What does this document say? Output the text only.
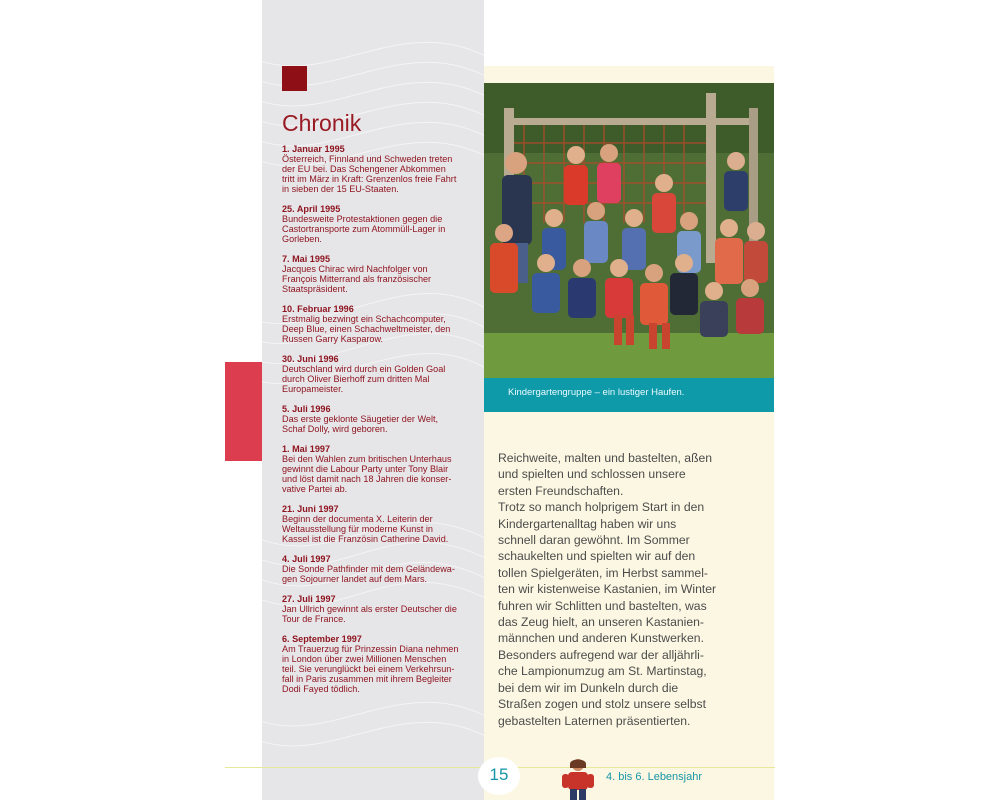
Chronik
1. Januar 1995
Österreich, Finnland und Schweden treten
der EU bei. Das Schengener Abkommen
tritt im März in Kraft: Grenzenlos freie Fahrt
in sieben der 15 EU-Staaten.
25. April 1995
Bundesweite Protestaktionen gegen die
Castortransporte zum Atommüll-Lager in
Gorleben.
7. Mai 1995
Jacques Chirac wird Nachfolger von
François Mitterrand als französischer
Staatspräsident.
10. Februar 1996
Erstmalig bezwingt ein Schachcomputer,
Deep Blue, einen Schachweltmeister, den
Russen Garry Kasparow.
30. Juni 1996
Deutschland wird durch ein Golden Goal
durch Oliver Bierhoff zum dritten Mal
Europameister.
5. Juli 1996
Das erste geklonte Säugetier der Welt,
Schaf Dolly, wird geboren.
1. Mai 1997
Bei den Wahlen zum britischen Unterhaus
gewinnt die Labour Party unter Tony Blair
und löst damit nach 18 Jahren die konser-
vative Partei ab.
21. Juni 1997
Beginn der documenta X. Leiterin der
Weltausstellung für moderne Kunst in
Kassel ist die Französin Catherine David.
4. Juli 1997
Die Sonde Pathfinder mit dem Geländewa-
gen Sojourner landet auf dem Mars.
27. Juli 1997
Jan Ullrich gewinnt als erster Deutscher die
Tour de France.
6. September 1997
Am Trauerzug für Prinzessin Diana nehmen
in London über zwei Millionen Menschen
teil. Sie verunglückt bei einem Verkehrsun-
fall in Paris zusammen mit ihrem Begleiter
Dodi Fayed tödlich.
Kindergartengruppe – ein lustiger Haufen.
Reichweite, malten und bastelten, aßen
und spielten und schlossen unsere
ersten Freundschaften.
Trotz so manch holprigem Start in den
Kindergartenalltag haben wir uns
schnell daran gewöhnt. Im Sommer
schaukelten und spielten wir auf den
tollen Spielgeräten, im Herbst sammel-
ten wir kistenweise Kastanien, im Winter
fuhren wir Schlitten und bastelten, was
das Zeug hielt, an unseren Kastanien-
männchen und anderen Kunstwerken.
Besonders aufregend war der alljährli-
che Lampionumzug am St. Martinstag,
bei dem wir im Dunkeln durch die
Straßen zogen und stolz unsere selbst
gebastelten Laternen präsentierten.
15	4. bis 6. Lebensjahr
